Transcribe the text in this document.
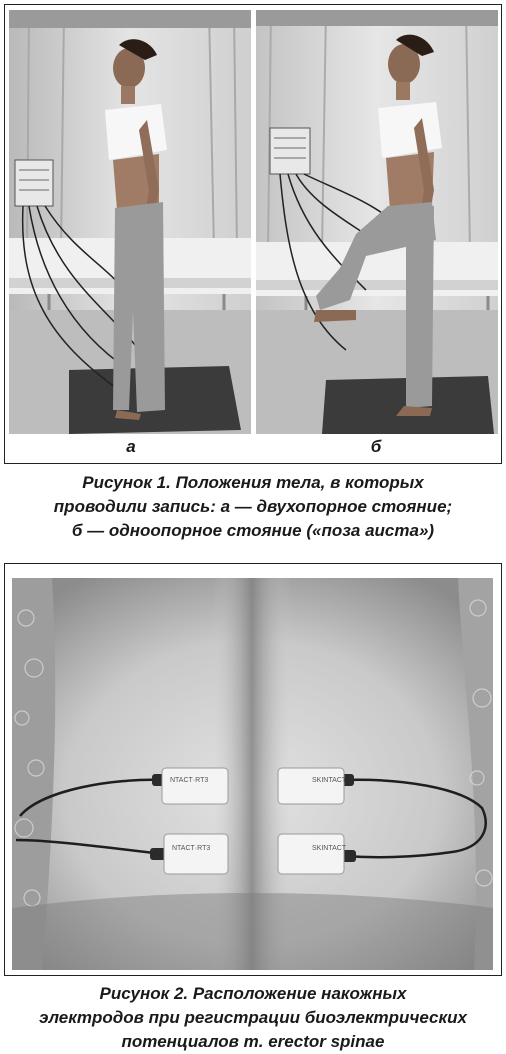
а	б
Рисунок 1. Положения тела, в которых
проводили запись: а — двухопорное стояние;
б — одноопорное стояние («поза аиста»)
NTACT·RT3	SKINTACT
NTACT·RT3	SKINTACT
Рисунок 2. Расположение накожных
электродов при регистрации биоэлектрических
потенциалов m. erector spinae
